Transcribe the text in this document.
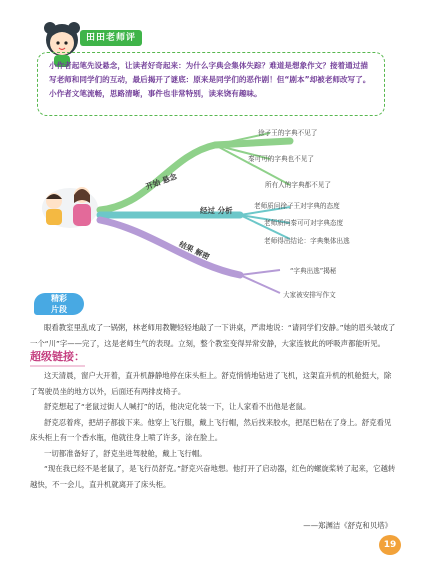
田田老师评
小作者起笔先设悬念，让读者好奇起来：为什么字典会集体失踪？难道是想象作文？接着通过描写老师和同学们的互动，最后揭开了谜底：原来是同学们的恶作剧！但“剧本”却被老师改写了。小作者文笔流畅，思路清晰，事件也非常特别，读来饶有趣味。
开始 悬念
经过 分析
结果 解密
徐子王的字典不见了
秦可可的字典也不见了
所有人的字典都不见了
老师质问徐子王对字典的态度
老师质问秦可可对字典态度
老师得出结论：字典集体出逃
“字典出逃”揭秘
大家被安排写作文
精彩
片段
眼看教室里乱成了一锅粥，林老师用教鞭轻轻地敲了一下讲桌，严肃地说：“请同学们安静。”她的眉头皱成了一个“川”字——完了，这是老师生气的表现。立刻，整个教室变得异常安静，大家连彼此的呼吸声都能听见。
超级链接：
这天清晨，窗户大开着，直升机静静地停在床头柜上。舒克悄悄地钻进了飞机，这架直升机的机舱挺大，除了驾驶员坐的地方以外，后面还有两排皮椅子。
舒克想起了“老鼠过街人人喊打”的话，他决定化装一下，让人家看不出他是老鼠。
舒克忍着疼，把胡子都拔下来。他穿上飞行服，戴上飞行帽，然后找来胶水，把尾巴粘在了身上。舒克看见床头柜上有一个香水瓶，他就往身上喷了许多，涂在脸上。
一切都准备好了，舒克坐进驾驶舱，戴上飞行帽。
“现在我已经不是老鼠了，是飞行员舒克。”舒克兴奋地想。他打开了启动器，红色的螺旋桨转了起来，它越转越快，不一会儿，直升机就离开了床头柜。
——郑渊洁《舒克和贝塔》
19
